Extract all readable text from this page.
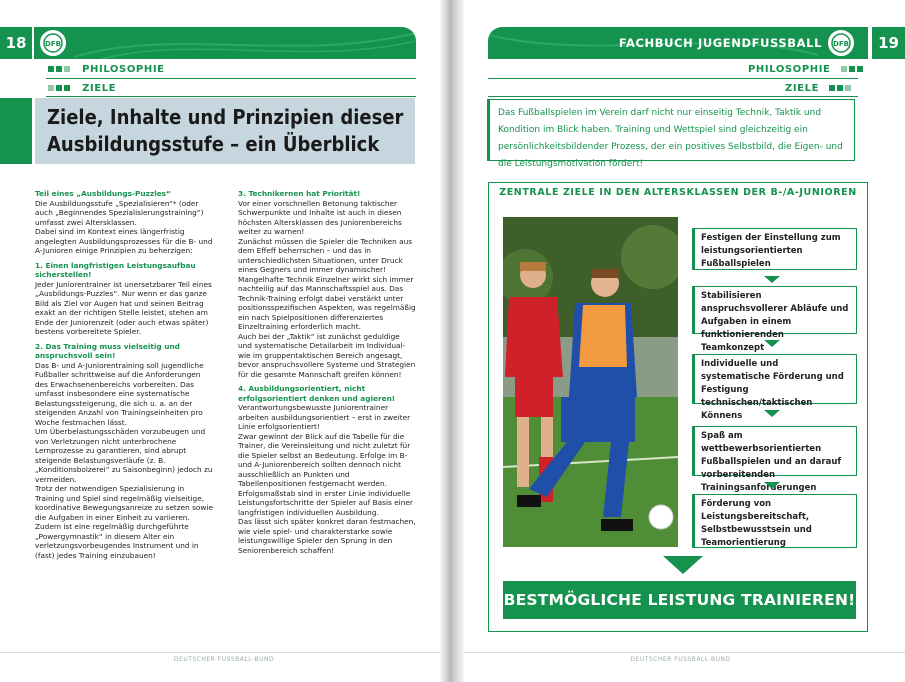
18	DFB
PHILOSOPHIE
ZIELE
Ziele, Inhalte und Prinzipien dieser Ausbildungsstufe – ein Überblick

Teil eines „Ausbildungs-Puzzles“

Die Ausbildungsstufe „Spezialisieren“* (oder auch „Beginnendes Spezialisierungstraining“) umfasst zwei Altersklassen.

Dabei sind im Kontext eines längerfristig angelegten Ausbildungsprozesses für die B- und A-Junioren einige Prinzipien zu beherzigen:

1. Einen langfristigen Leistungsaufbau sicherstellen!

Jeder Juniorentrainer ist unersetzbarer Teil eines „Ausbildungs-Puzzles“. Nur wenn er das ganze Bild als Ziel vor Augen hat und seinen Beitrag exakt an der richtigen Stelle leistet, stehen am Ende der Juniorenzeit (oder auch etwas später) bestens vorbereitete Spieler.

2. Das Training muss vielseitig und anspruchsvoll sein!

Das B- und A-Juniorentraining soll jugendliche Fußballer schrittweise auf die Anforderungen des Erwachsenenbereichs vorbereiten. Das umfasst insbesondere eine systematische Belastungssteigerung, die sich u. a. an der steigenden Anzahl von Trainingseinheiten pro Woche festmachen lässt.

Um Überbelastungsschäden vorzubeugen und von Verletzungen nicht unterbrochene Lernprozesse zu garantieren, sind abrupt steigende Belastungsverläufe (z. B. „Konditionsbolzerei“ zu Saisonbeginn) jedoch zu vermeiden.

Trotz der notwendigen Spezialisierung in Training und Spiel sind regelmäßig vielseitige, koordinative Bewegungsanreize zu setzen sowie die Aufgaben in einer Einheit zu variieren. Zudem ist eine regelmäßig durchgeführte „Powergymnastik“ in diesem Alter ein verletzungsvorbeugendes Instrument und in (fast) jedes Training einzubauen!

3. Technikernen hat Priorität!

Vor einer vorschnellen Betonung taktischer Schwerpunkte und Inhalte ist auch in diesen höchsten Altersklassen des Juniorenbereichs weiter zu warnen!

Zunächst müssen die Spieler die Techniken aus dem Effeff beherrschen – und das in unterschiedlichsten Situationen, unter Druck eines Gegners und immer dynamischer!

Mangelhafte Technik Einzelner wirkt sich immer nachteilig auf das Mannschaftsspiel aus. Das Technik-Training erfolgt dabei verstärkt unter positionsspezifischen Aspekten, was regelmäßig ein nach Spielpositionen differenziertes Einzeltraining erforderlich macht.

Auch bei der „Taktik“ ist zunächst geduldige und systematische Detailarbeit im Individual- wie im gruppentaktischen Bereich angesagt, bevor anspruchsvollere Systeme und Strategien für die gesamte Mannschaft greifen können!

4. Ausbildungsorientiert, nicht erfolgsorientiert denken und agieren!

Verantwortungsbewusste Juniorentrainer arbeiten ausbildungsorientiert – erst in zweiter Linie erfolgsorientiert!

Zwar gewinnt der Blick auf die Tabelle für die Trainer, die Vereinsleitung und nicht zuletzt für die Spieler selbst an Bedeutung. Erfolge im B- und A-Juniorenbereich sollten dennoch nicht ausschließlich an Punkten und Tabellenpositionen festgemacht werden. Erfolgsmaßstab sind in erster Linie individuelle Leistungsfortschritte der Spieler auf Basis einer langfristigen individuellen Ausbildung.

Das lässt sich später konkret daran festmachen, wie viele spiel- und charakterstarke sowie leistungswillige Spieler den Sprung in den Seniorenbereich schaffen!

DEUTSCHER FUSSBALL-BUND
FACHBUCH JUGENDFUSSBALL DFB	19
PHILOSOPHIE
ZIELE
Das Fußballspielen im Verein darf nicht nur einseitig Technik, Taktik und Kondition im Blick haben. Training und Wettspiel sind gleichzeitig ein persönlichkeitsbildender Prozess, der ein positives Selbstbild, die Eigen- und die Leistungsmotivation fördert!
ZENTRALE ZIELE IN DEN ALTERSKLASSEN DER B-/A-JUNIOREN
Festigen der Einstellung zum leistungsorientierten Fußballspielen
Stabilisieren anspruchsvollerer Abläufe und Aufgaben in einem funktionierenden Teamkonzept
Individuelle und systematische Förderung und Festigung technischen/taktischen Könnens
Spaß am wettbewerbsorientierten Fußballspielen und an darauf vorbereitenden Trainingsanforderungen
Förderung von Leistungsbereitschaft, Selbstbewusstsein und Teamorientierung
BESTMÖGLICHE LEISTUNG TRAINIEREN!
DEUTSCHER FUSSBALL-BUND
